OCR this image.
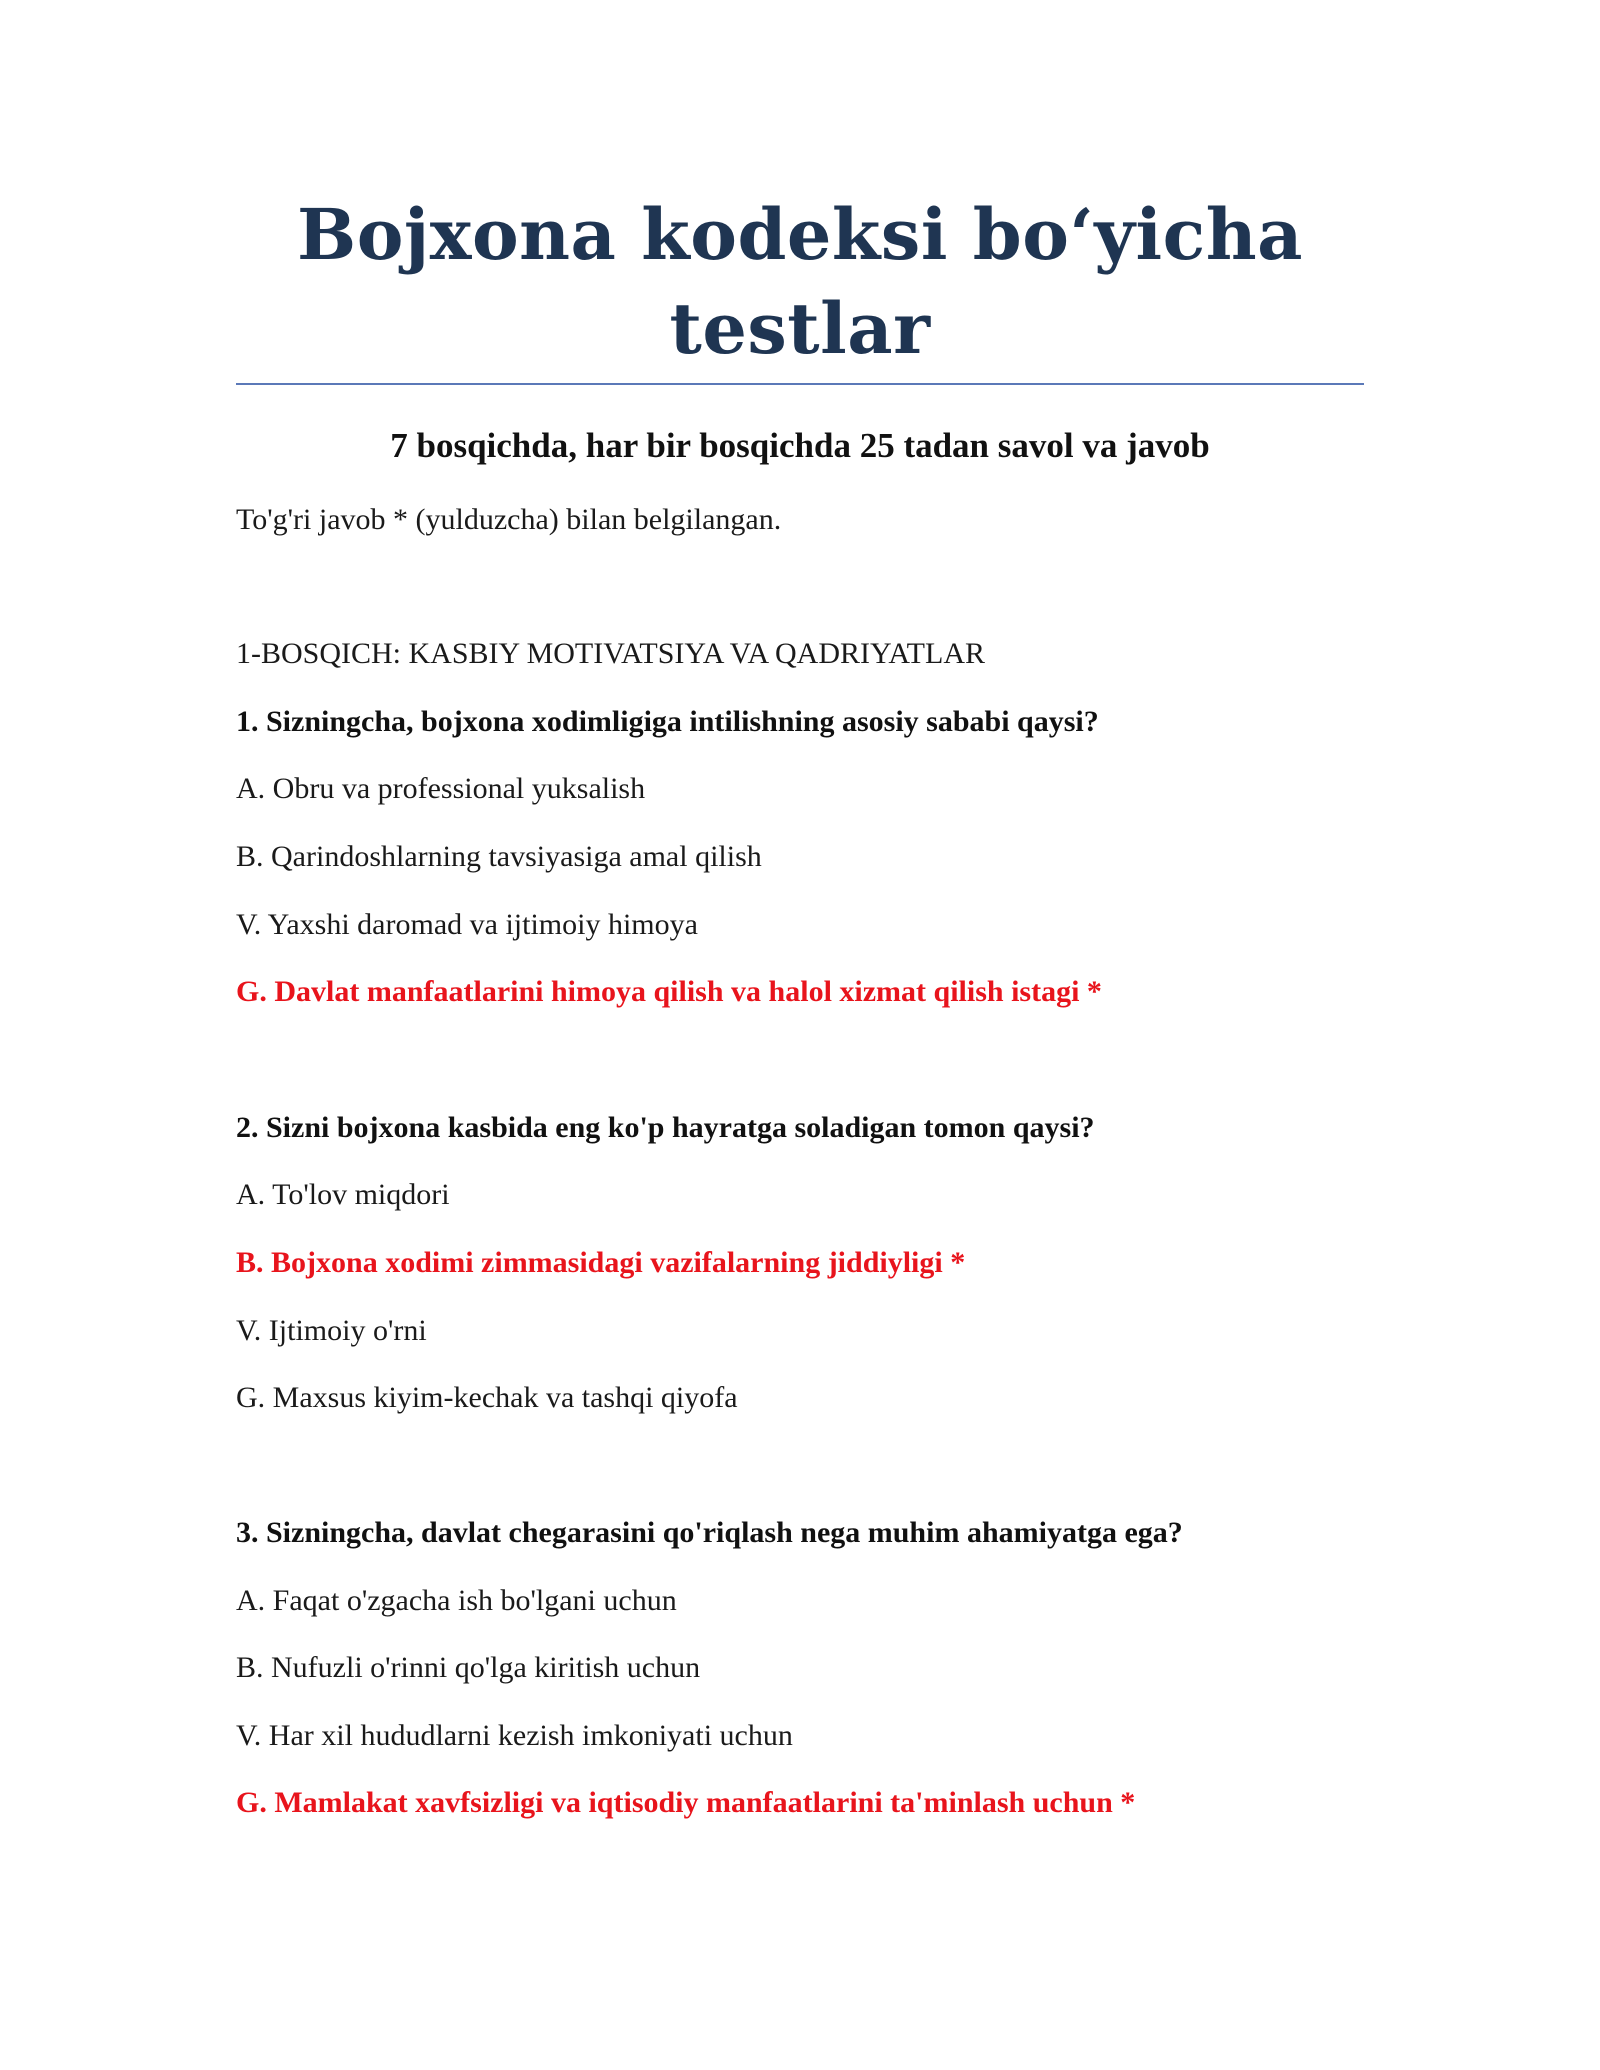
Bojxona kodeksi bo‘yicha testlar
7 bosqichda, har bir bosqichda 25 tadan savol va javob
To'g'ri javob * (yulduzcha) bilan belgilangan.
1-BOSQICH: KASBIY MOTIVATSIYA VA QADRIYATLAR
1. Sizningcha, bojxona xodimligiga intilishning asosiy sababi qaysi?
A. Obru va professional yuksalish
B. Qarindoshlarning tavsiyasiga amal qilish
V. Yaxshi daromad va ijtimoiy himoya
G. Davlat manfaatlarini himoya qilish va halol xizmat qilish istagi *
2. Sizni bojxona kasbida eng ko'p hayratga soladigan tomon qaysi?
A. To'lov miqdori
B. Bojxona xodimi zimmasidagi vazifalarning jiddiyligi *
V. Ijtimoiy o'rni
G. Maxsus kiyim-kechak va tashqi qiyofa
3. Sizningcha, davlat chegarasini qo'riqlash nega muhim ahamiyatga ega?
A. Faqat o'zgacha ish bo'lgani uchun
B. Nufuzli o'rinni qo'lga kiritish uchun
V. Har xil hududlarni kezish imkoniyati uchun
G. Mamlakat xavfsizligi va iqtisodiy manfaatlarini ta'minlash uchun *
